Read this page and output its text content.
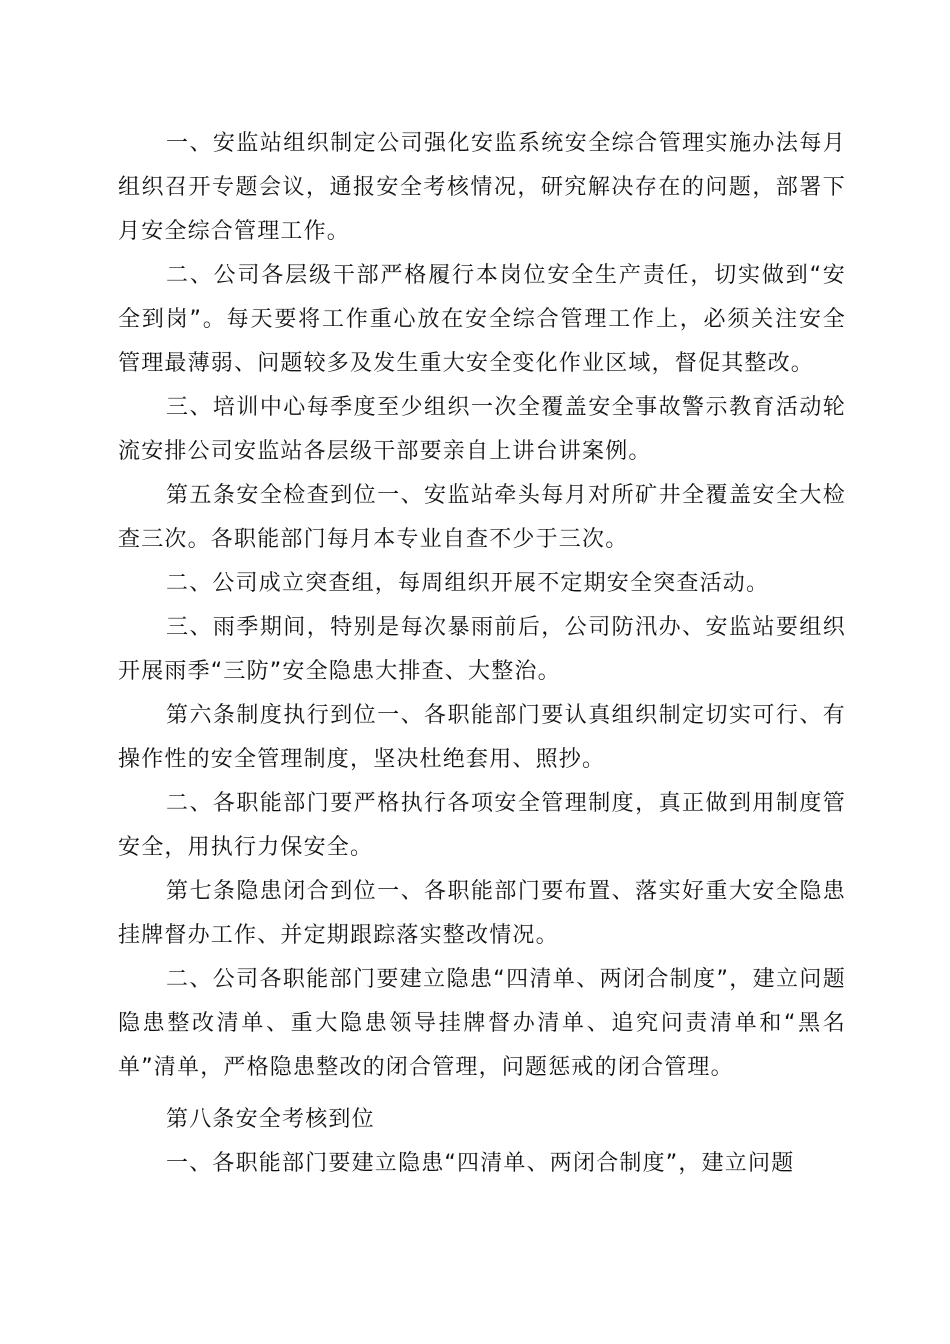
一、安监站组织制定公司强化安监系统安全综合管理实施办法每月组织召开专题会议，通报安全考核情况，研究解决存在的问题，部署下月安全综合管理工作。

二、公司各层级干部严格履行本岗位安全生产责任，切实做到“安全到岗”。每天要将工作重心放在安全综合管理工作上，必须关注安全管理最薄弱、问题较多及发生重大安全变化作业区域，督促其整改。

三、培训中心每季度至少组织一次全覆盖安全事故警示教育活动轮流安排公司安监站各层级干部要亲自上讲台讲案例。

第五条安全检查到位一、安监站牵头每月对所矿井全覆盖安全大检查三次。各职能部门每月本专业自查不少于三次。

二、公司成立突查组，每周组织开展不定期安全突查活动。

三、雨季期间，特别是每次暴雨前后，公司防汛办、安监站要组织开展雨季“三防”安全隐患大排查、大整治。

第六条制度执行到位一、各职能部门要认真组织制定切实可行、有操作性的安全管理制度，坚决杜绝套用、照抄。

二、各职能部门要严格执行各项安全管理制度，真正做到用制度管安全，用执行力保安全。

第七条隐患闭合到位一、各职能部门要布置、落实好重大安全隐患挂牌督办工作、并定期跟踪落实整改情况。

二、公司各职能部门要建立隐患“四清单、两闭合制度”，建立问题隐患整改清单、重大隐患领导挂牌督办清单、追究问责清单和“黑名单”清单，严格隐患整改的闭合管理，问题惩戒的闭合管理。

第八条安全考核到位

一、各职能部门要建立隐患“四清单、两闭合制度”，建立问题
